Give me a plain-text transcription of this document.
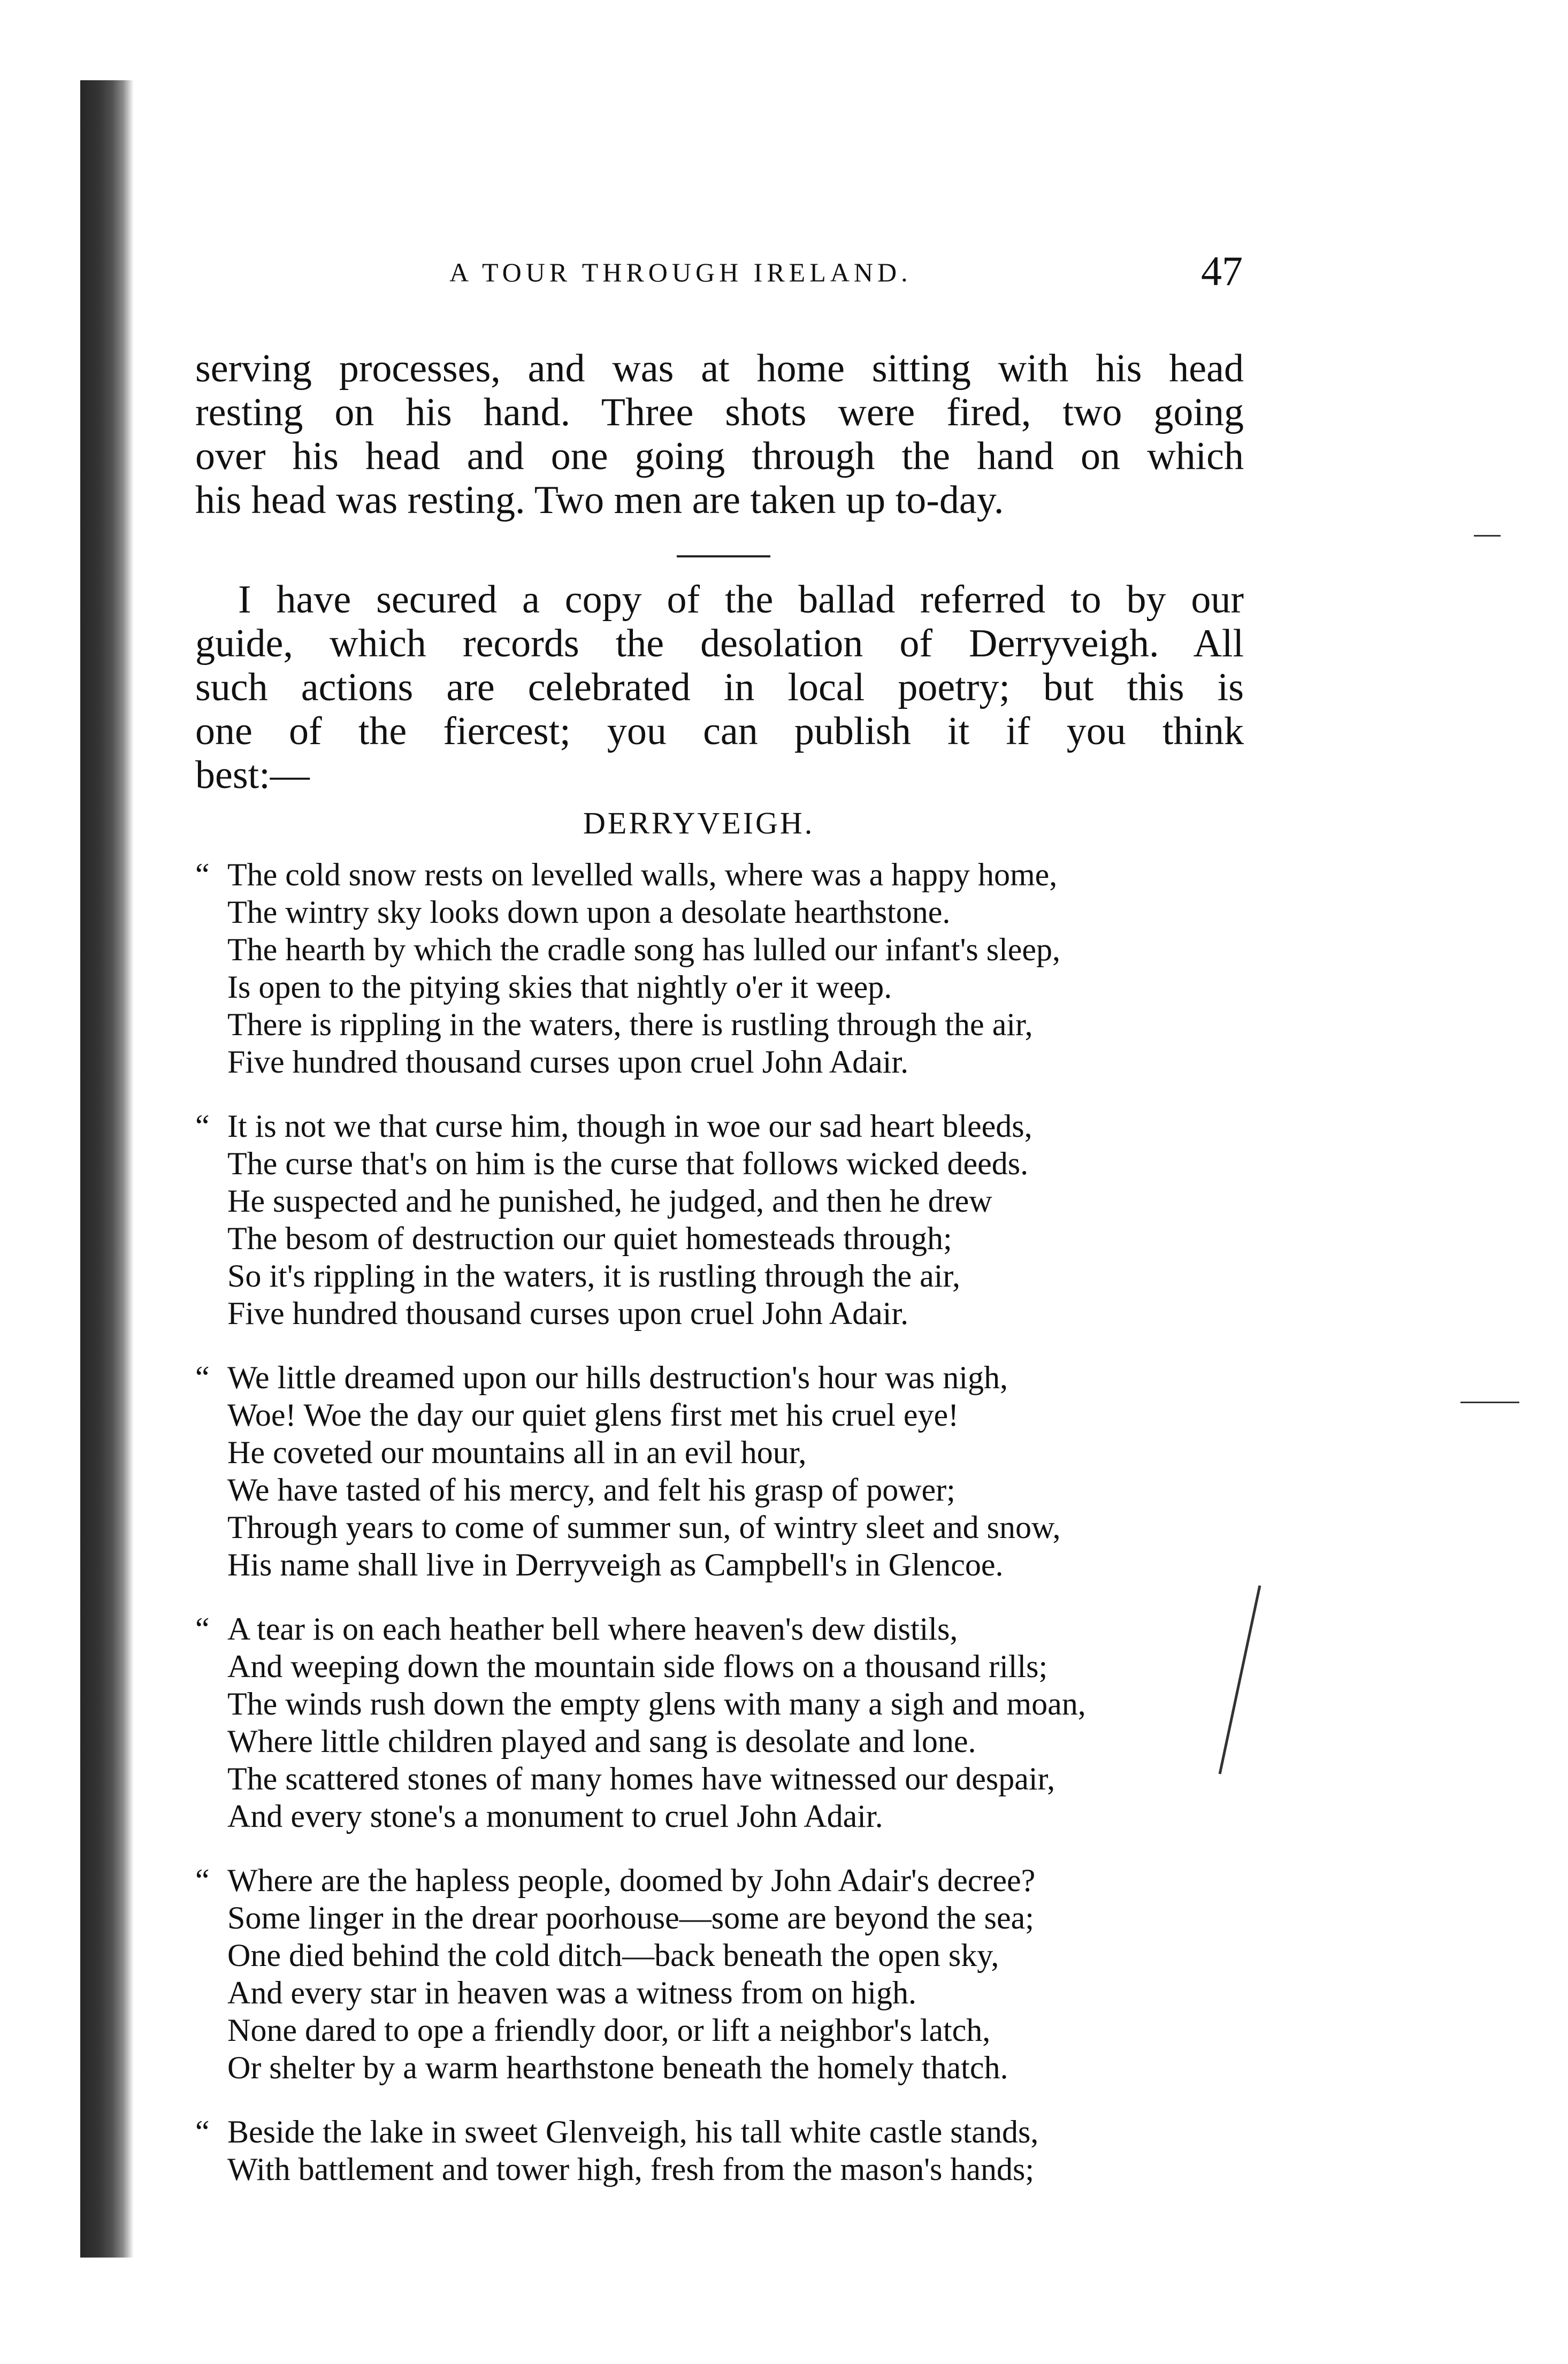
A TOUR THROUGH IRELAND.	47
serving processes, and was at home sitting with his head
resting on his hand. Three shots were fired, two going
over his head and one going through the hand on which
his head was resting. Two men are taken up to-day.
I have secured a copy of the ballad referred to by our
guide, which records the desolation of Derryveigh. All
such actions are celebrated in local poetry; but this is
one of the fiercest; you can publish it if you think
best:—
DERRYVEIGH.
“ The cold snow rests on levelled walls, where was a happy home,
The wintry sky looks down upon a desolate hearthstone.
The hearth by which the cradle song has lulled our infant's sleep,
Is open to the pitying skies that nightly o'er it weep.
There is rippling in the waters, there is rustling through the air,
Five hundred thousand curses upon cruel John Adair.
“ It is not we that curse him, though in woe our sad heart bleeds,
The curse that's on him is the curse that follows wicked deeds.
He suspected and he punished, he judged, and then he drew
The besom of destruction our quiet homesteads through;
So it's rippling in the waters, it is rustling through the air,
Five hundred thousand curses upon cruel John Adair.
“ We little dreamed upon our hills destruction's hour was nigh,
Woe! Woe the day our quiet glens first met his cruel eye!
He coveted our mountains all in an evil hour,
We have tasted of his mercy, and felt his grasp of power;
Through years to come of summer sun, of wintry sleet and snow,
His name shall live in Derryveigh as Campbell's in Glencoe.
“ A tear is on each heather bell where heaven's dew distils,
And weeping down the mountain side flows on a thousand rills;
The winds rush down the empty glens with many a sigh and moan,
Where little children played and sang is desolate and lone.
The scattered stones of many homes have witnessed our despair,
And every stone's a monument to cruel John Adair.
“ Where are the hapless people, doomed by John Adair's decree?
Some linger in the drear poorhouse—some are beyond the sea;
One died behind the cold ditch—back beneath the open sky,
And every star in heaven was a witness from on high.
None dared to ope a friendly door, or lift a neighbor's latch,
Or shelter by a warm hearthstone beneath the homely thatch.
“ Beside the lake in sweet Glenveigh, his tall white castle stands,
With battlement and tower high, fresh from the mason's hands;
